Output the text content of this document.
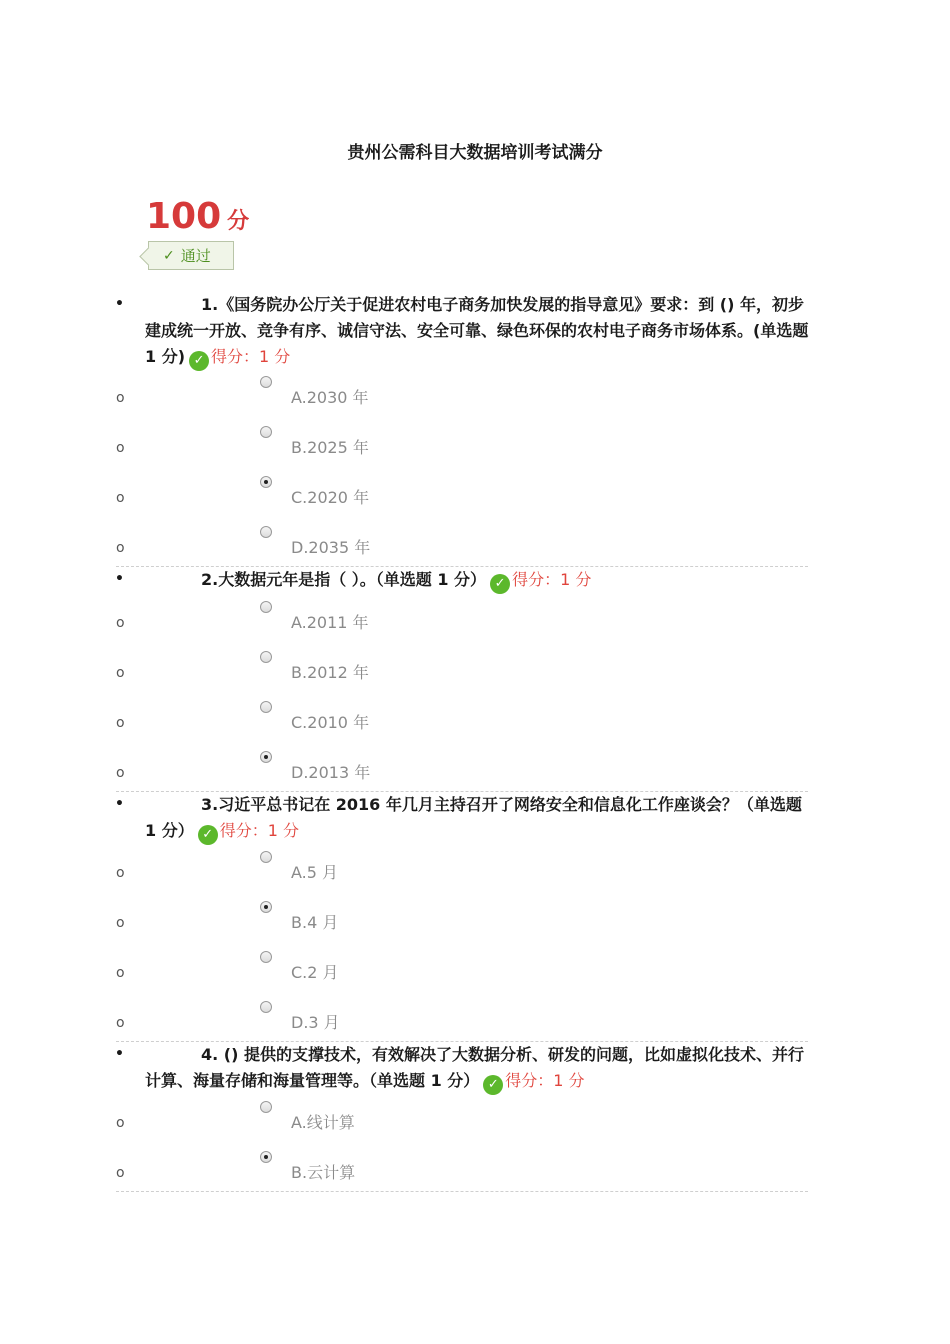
贵州公需科目大数据培训考试满分
100 分
✓ 通过
•	1.《国务院办公厅关于促进农村电子商务加快发展的指导意见》要求：到 () 年，初步建成统一开放、竞争有序、诚信守法、安全可靠、绿色环保的农村电子商务市场体系。(单选题 1 分) ✓ 得分：1 分
o	A.2030 年
o	B.2025 年
o	C.2020 年
o	D.2035 年
•	2.大数据元年是指（ ）。（单选题 1 分） ✓ 得分：1 分
o	A.2011 年
o	B.2012 年
o	C.2010 年
o	D.2013 年
•	3.习近平总书记在 2016 年几月主持召开了网络安全和信息化工作座谈会？（单选题 1 分） ✓ 得分：1 分
o	A.5 月
o	B.4 月
o	C.2 月
o	D.3 月
•	4. () 提供的支撑技术，有效解决了大数据分析、研发的问题，比如虚拟化技术、并行计算、海量存储和海量管理等。（单选题 1 分） ✓ 得分：1 分
o	A.线计算
o	B.云计算
